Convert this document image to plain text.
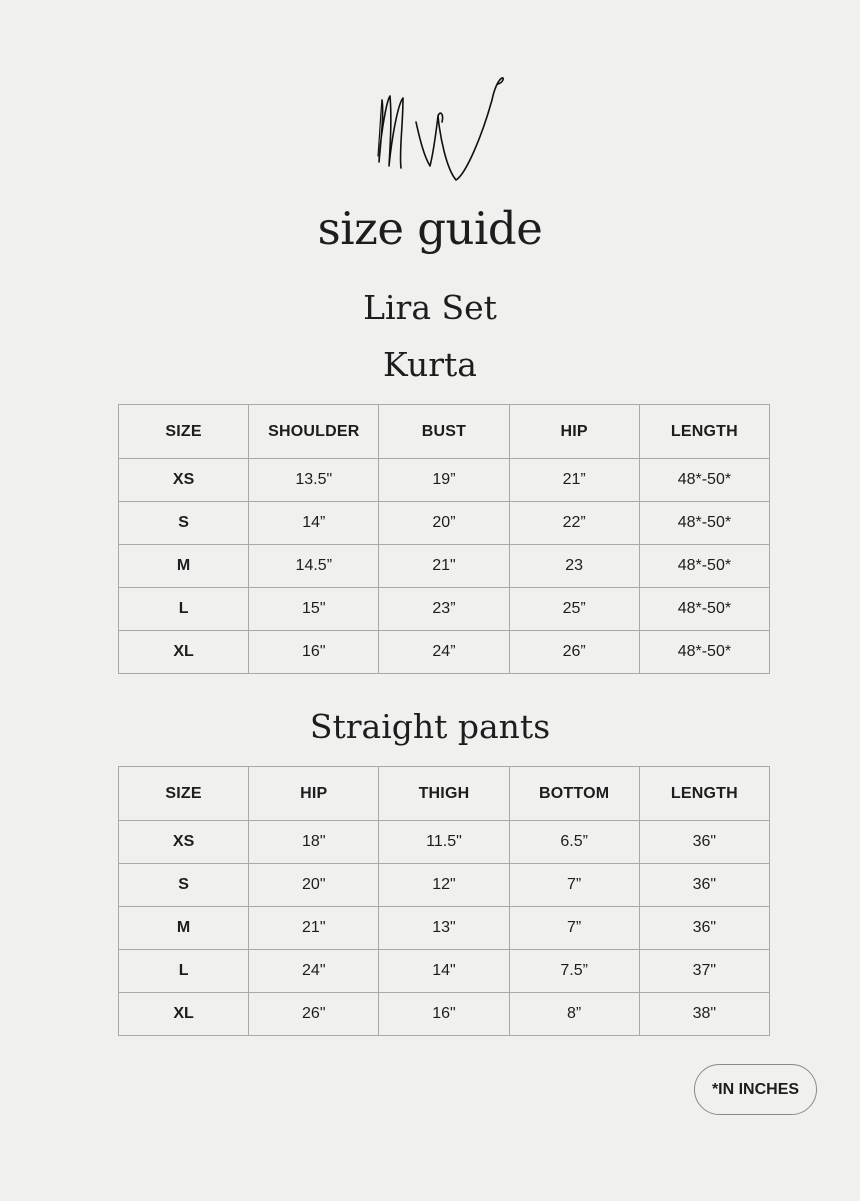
size guide
Lira Set
Kurta
SIZE	SHOULDER	BUST	HIP	LENGTH
XS	13.5"	19”	21”	48*-50*
S	14”	20”	22”	48*-50*
M	14.5”	21"	23	48*-50*
L	15"	23”	25”	48*-50*
XL	16"	24”	26”	48*-50*
Straight pants
SIZE	HIP	THIGH	BOTTOM	LENGTH
XS	18"	11.5"	6.5”	36"
S	20"	12"	7”	36"
M	21"	13"	7”	36"
L	24"	14"	7.5”	37"
XL	26"	16"	8”	38"
*IN INCHES
